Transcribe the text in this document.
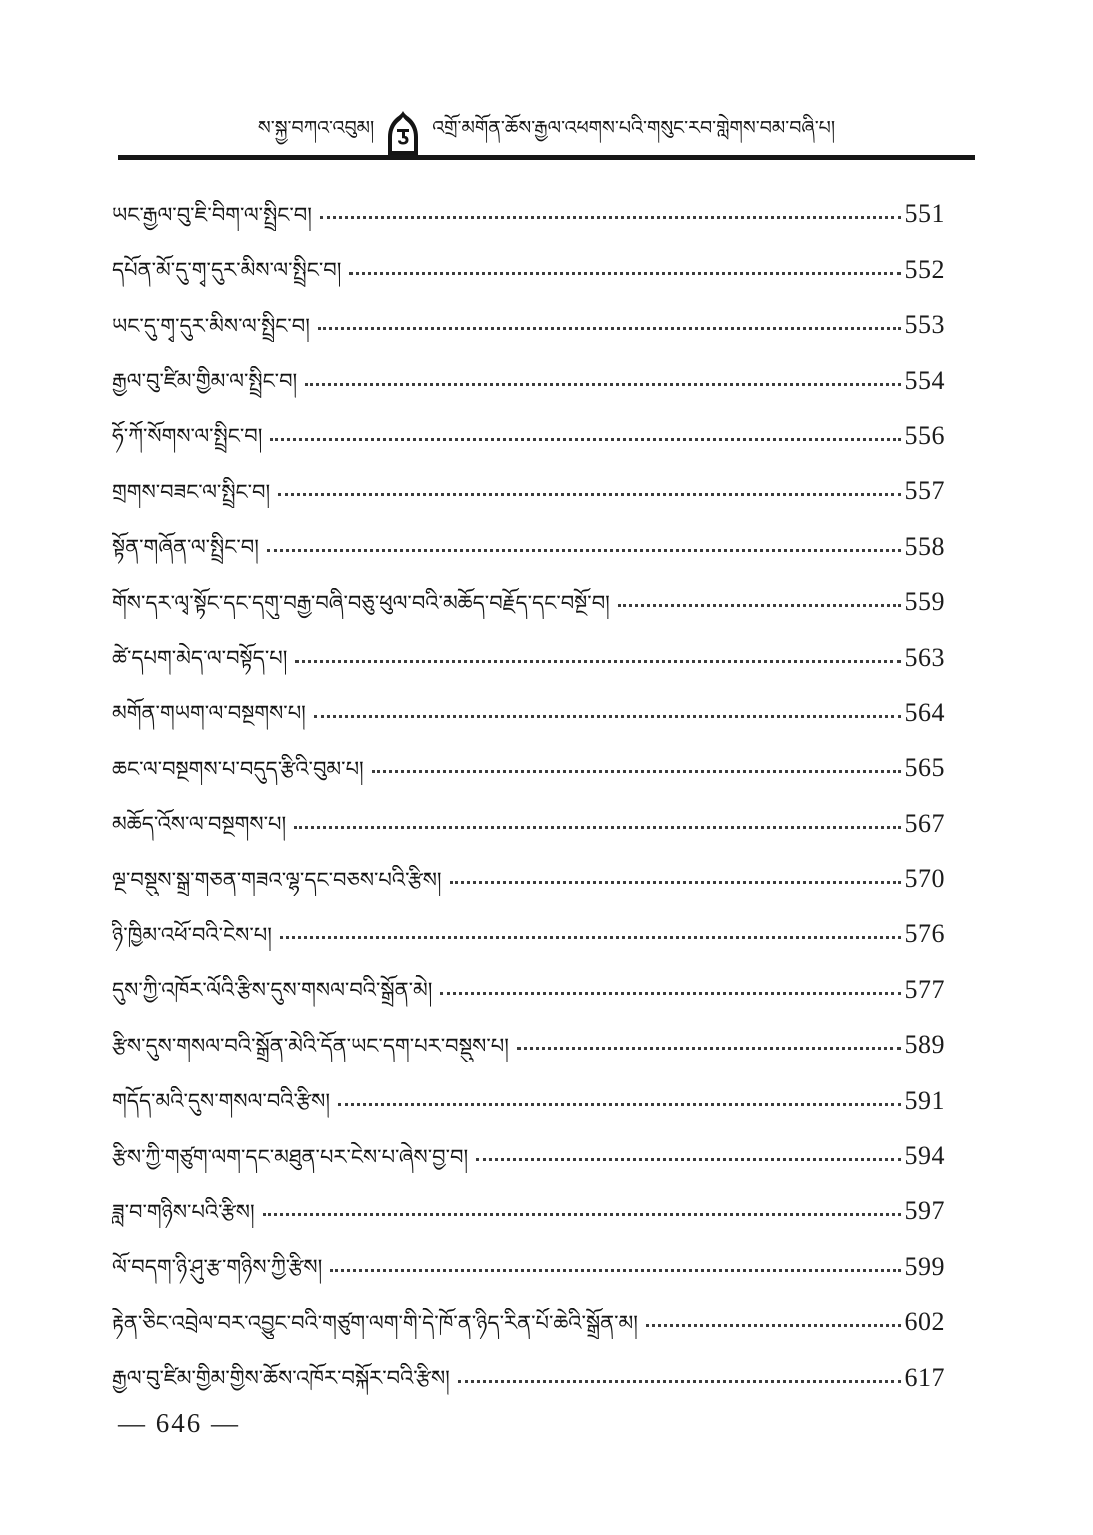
ས་སྐྱ་བཀའ་འབུམ།	འགྲོ་མགོན་ཆོས་རྒྱལ་འཕགས་པའི་གསུང་རབ་གླེགས་བམ་བཞི་པ།
ཡང་རྒྱལ་བུ་ཇི་བིག་ལ་སྤྲིང་བ།	551
དཔོན་མོ་དུ་གྭ་དུར་མིས་ལ་སྤྲིང་བ།	552
ཡང་དུ་གྭ་དུར་མིས་ལ་སྤྲིང་བ།	553
རྒྱལ་བུ་ཛིམ་གྱིམ་ལ་སྤྲིང་བ།	554
ཧོ་ཀོ་སོགས་ལ་སྤྲིང་བ།	556
གྲགས་བཟང་ལ་སྤྲིང་བ།	557
སྟོན་གཞོན་ལ་སྤྲིང་བ།	558
གོས་དར་ལྭ་སྟོང་དང་དགུ་བརྒྱ་བཞི་བཅུ་ཕུལ་བའི་མཆོད་བརྗོད་དང་བསྔོ་བ།	559
ཚེ་དཔག་མེད་ལ་བསྟོད་པ།	563
མགོན་གཡག་ལ་བསྔགས་པ།	564
ཆང་ལ་བསྔགས་པ་བདུད་རྩིའི་བུམ་པ།	565
མཆོད་འོས་ལ་བསྔགས་པ།	567
ལྔ་བསྡུས་སྒྲ་གཅན་གཟའ་ལྷ་དང་བཅས་པའི་རྩིས།	570
ཉི་ཁྱིམ་འཕོ་བའི་ངེས་པ།	576
དུས་ཀྱི་འཁོར་ལོའི་རྩིས་དུས་གསལ་བའི་སྒྲོན་མེ།	577
རྩིས་དུས་གསལ་བའི་སྒྲོན་མེའི་དོན་ཡང་དག་པར་བསྡུས་པ།	589
གདོད་མའི་དུས་གསལ་བའི་རྩིས།	591
རྩིས་ཀྱི་གཙུག་ལག་དང་མཐུན་པར་ངེས་པ་ཞེས་བྱ་བ།	594
ཟླ་བ་གཉིས་པའི་རྩིས།	597
ལོ་བདག་ཉི་ཤུ་རྩ་གཉིས་ཀྱི་རྩིས།	599
རྟེན་ཅིང་འབྲེལ་བར་འབྱུང་བའི་གཙུག་ལག་གི་དེ་ཁོ་ན་ཉིད་རིན་པོ་ཆེའི་སྒྲོན་མ།	602
རྒྱལ་བུ་ཛིམ་གྱིམ་གྱིས་ཆོས་འཁོར་བསྐོར་བའི་རྩིས།	617
— 646 —
